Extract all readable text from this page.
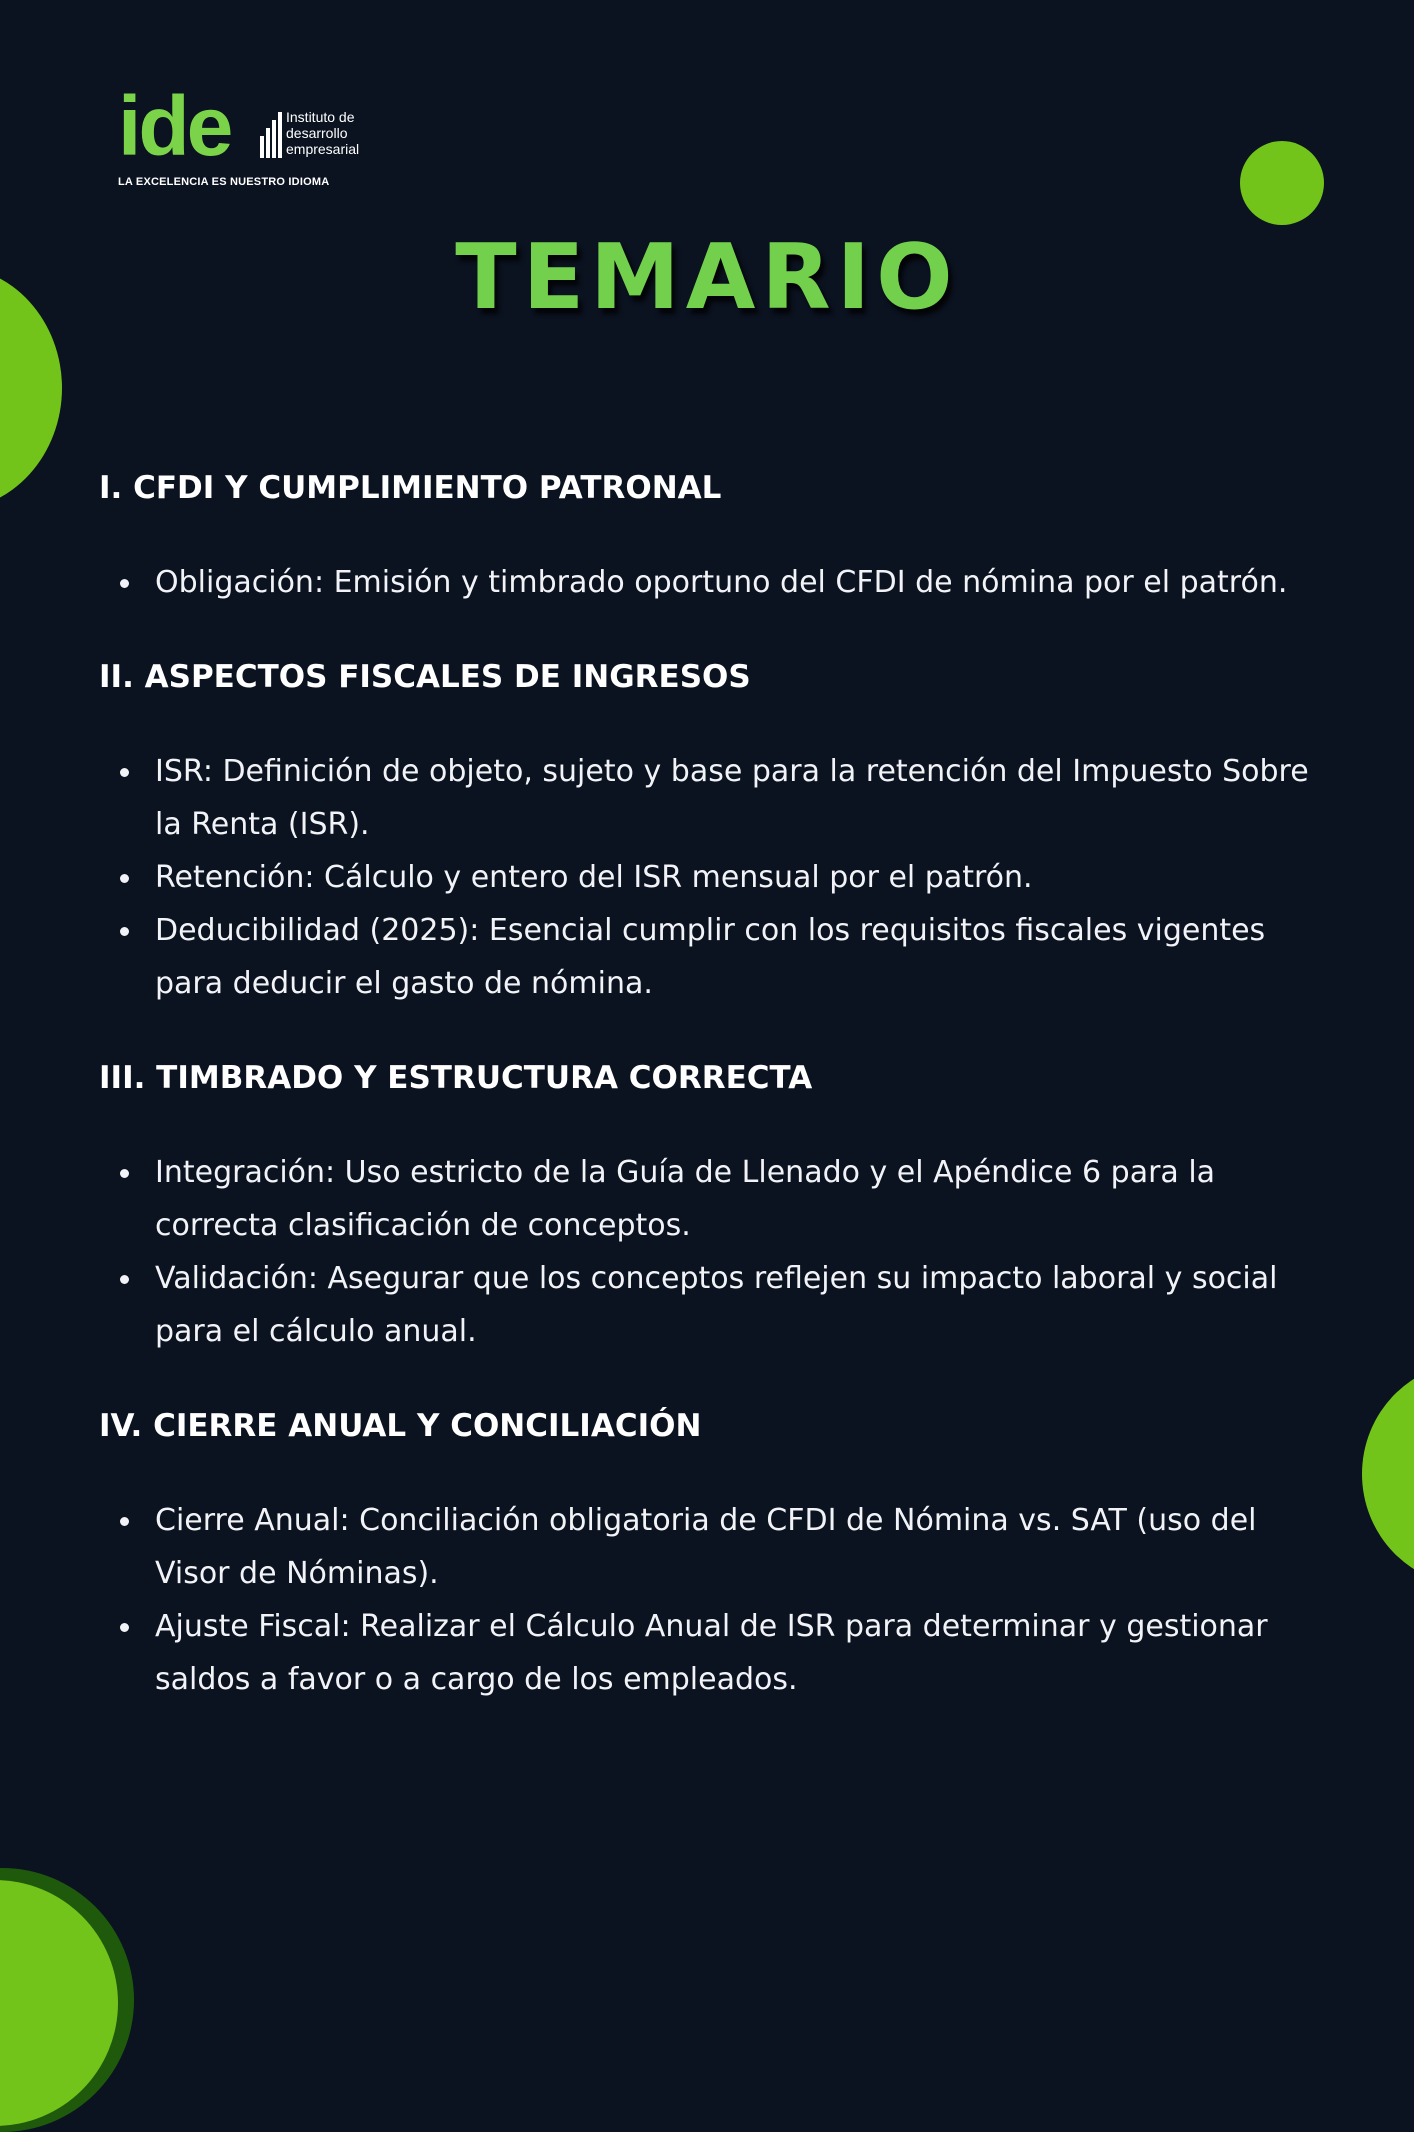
ide	Instituto de
desarrollo
empresarial
LA EXCELENCIA ES NUESTRO IDIOMA
TEMARIO
I. CFDI Y CUMPLIMIENTO PATRONAL
Obligación: Emisión y timbrado oportuno del CFDI de nómina por el patrón.
II. ASPECTOS FISCALES DE INGRESOS
ISR: Definición de objeto, sujeto y base para la retención del Impuesto Sobre la Renta (ISR).
Retención: Cálculo y entero del ISR mensual por el patrón.
Deducibilidad (2025): Esencial cumplir con los requisitos fiscales vigentes para deducir el gasto de nómina.
III. TIMBRADO Y ESTRUCTURA CORRECTA
Integración: Uso estricto de la Guía de Llenado y el Apéndice 6 para la correcta clasificación de conceptos.
Validación: Asegurar que los conceptos reflejen su impacto laboral y social para el cálculo anual.
IV. CIERRE ANUAL Y CONCILIACIÓN
Cierre Anual: Conciliación obligatoria de CFDI de Nómina vs. SAT (uso del Visor de Nóminas).
Ajuste Fiscal: Realizar el Cálculo Anual de ISR para determinar y gestionar saldos a favor o a cargo de los empleados.
